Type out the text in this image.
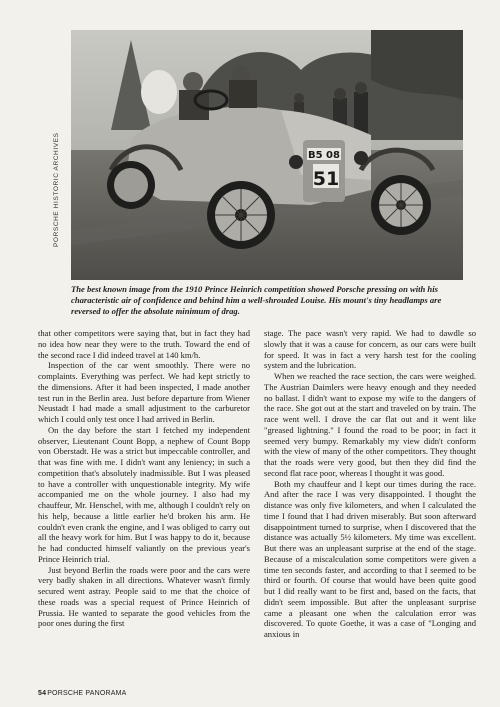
B5 08
51
PORSCHE HISTORIC ARCHIVES
The best known image from the 1910 Prince Heinrich competition showed Porsche pressing on with his characteristic air of confidence and behind him a well-shrouded Louise. His mount's tiny headlamps are reversed to offer the absolute minimum of drag.

that other competitors were saying that, but in fact they had no idea how near they were to the truth. Toward the end of the second race I did indeed travel at 140 km/h.

Inspection of the car went smoothly. There were no complaints. Everything was perfect. We had kept strictly to the dimensions. After it had been inspected, I made another test run in the Berlin area. Just before departure from Wiener Neustadt I had made a small adjustment to the carburetor which I could only test once I had arrived in Berlin.

On the day before the start I fetched my independent observer, Lieutenant Count Bopp, a nephew of Count Bopp von Oberstadt. He was a strict but impeccable controller, and that was fine with me. I didn't want any leniency; in such a competition that's absolutely inadmissible. But I was pleased to have a controller with unquestionable integrity. My wife accompanied me on the whole journey. I also had my chauffeur, Mr. Henschel, with me, although I couldn't rely on his help, because a little earlier he'd broken his arm. He couldn't even crank the engine, and I was obliged to carry out all the heavy work for him. But I was happy to do it, because he had conducted himself valiantly on the previous year's Prince Heinrich trial.

Just beyond Berlin the roads were poor and the cars were very badly shaken in all directions. Whatever wasn't firmly secured went astray. People said to me that the choice of these roads was a special request of Prince Heinrich of Prussia. He wanted to separate the good vehicles from the poor ones during the first

stage. The pace wasn't very rapid. We had to dawdle so slowly that it was a cause for concern, as our cars were built for speed. It was in fact a very harsh test for the cooling system and the lubrication.

When we reached the race section, the cars were weighed. The Austrian Daimlers were heavy enough and they needed no ballast. I didn't want to expose my wife to the dangers of the race. She got out at the start and traveled on by train. The race went well. I drove the car flat out and it went like "greased lightning." I found the road to be poor; in fact it seemed very bumpy. Remarkably my view didn't conform with the view of many of the other competitors. They thought that the roads were very good, but then they did find the second flat race poor, whereas I thought it was good.

Both my chauffeur and I kept our times during the race. And after the race I was very disappointed. I thought the distance was only five kilometers, and when I calculated the time I found that I had driven miserably. But soon afterward disappointment turned to surprise, when I discovered that the distance was actually 5½ kilometers. My time was excellent. But there was an unpleasant surprise at the end of the stage. Because of a miscalculation some competitors were given a time ten seconds faster, and according to that I seemed to be third or fourth. Of course that would have been quite good but I did really want to be first and, based on the facts, that didn't seem impossible. But after the unpleasant surprise came a pleasant one when the calculation error was discovered. To quote Goethe, it was a case of "Longing and anxious in

54PORSCHE PANORAMA
